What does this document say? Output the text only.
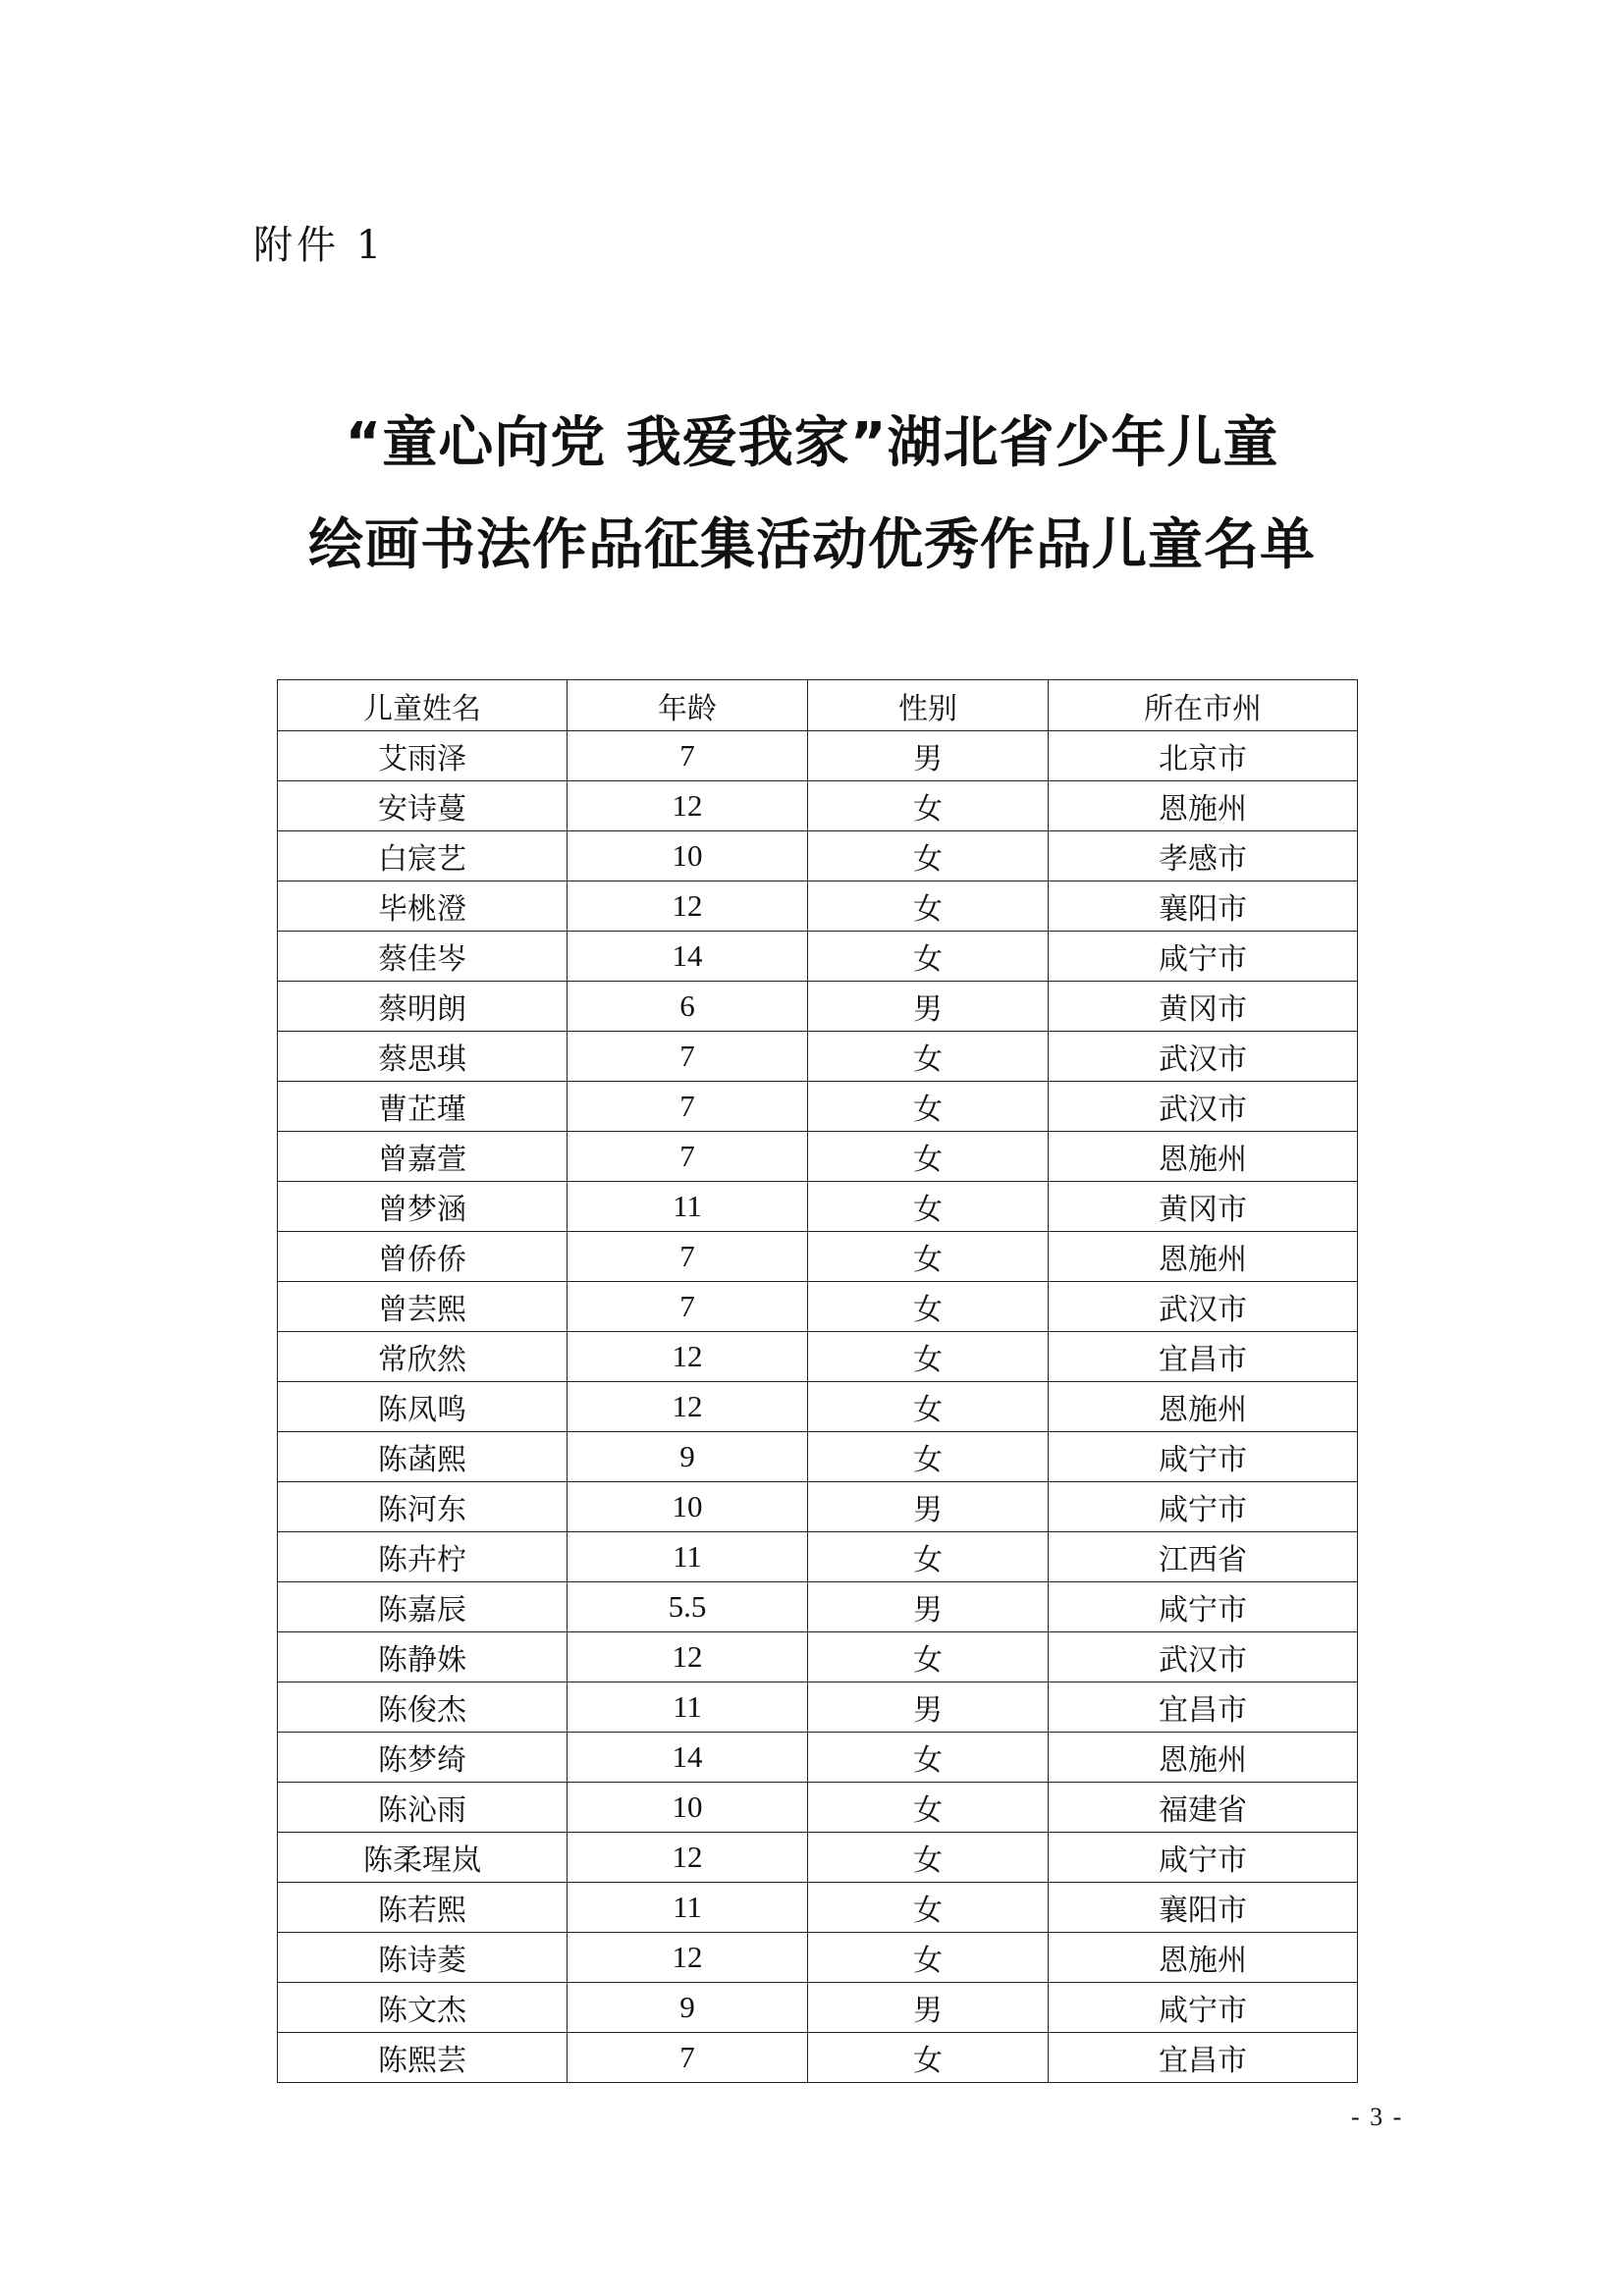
附件 1
“童心向党 我爱我家”湖北省少年儿童
绘画书法作品征集活动优秀作品儿童名单
儿童姓名	年龄	性别	所在市州
艾雨泽	7	男	北京市
安诗蔓	12	女	恩施州
白宸艺	10	女	孝感市
毕桃澄	12	女	襄阳市
蔡佳岑	14	女	咸宁市
蔡明朗	6	男	黄冈市
蔡思琪	7	女	武汉市
曹芷瑾	7	女	武汉市
曾嘉萱	7	女	恩施州
曾梦涵	11	女	黄冈市
曾侨侨	7	女	恩施州
曾芸熙	7	女	武汉市
常欣然	12	女	宜昌市
陈凤鸣	12	女	恩施州
陈菡熙	9	女	咸宁市
陈河东	10	男	咸宁市
陈卉柠	11	女	江西省
陈嘉辰	5.5	男	咸宁市
陈静姝	12	女	武汉市
陈俊杰	11	男	宜昌市
陈梦绮	14	女	恩施州
陈沁雨	10	女	福建省
陈柔瑆岚	12	女	咸宁市
陈若熙	11	女	襄阳市
陈诗菱	12	女	恩施州
陈文杰	9	男	咸宁市
陈熙芸	7	女	宜昌市
- 3 -
